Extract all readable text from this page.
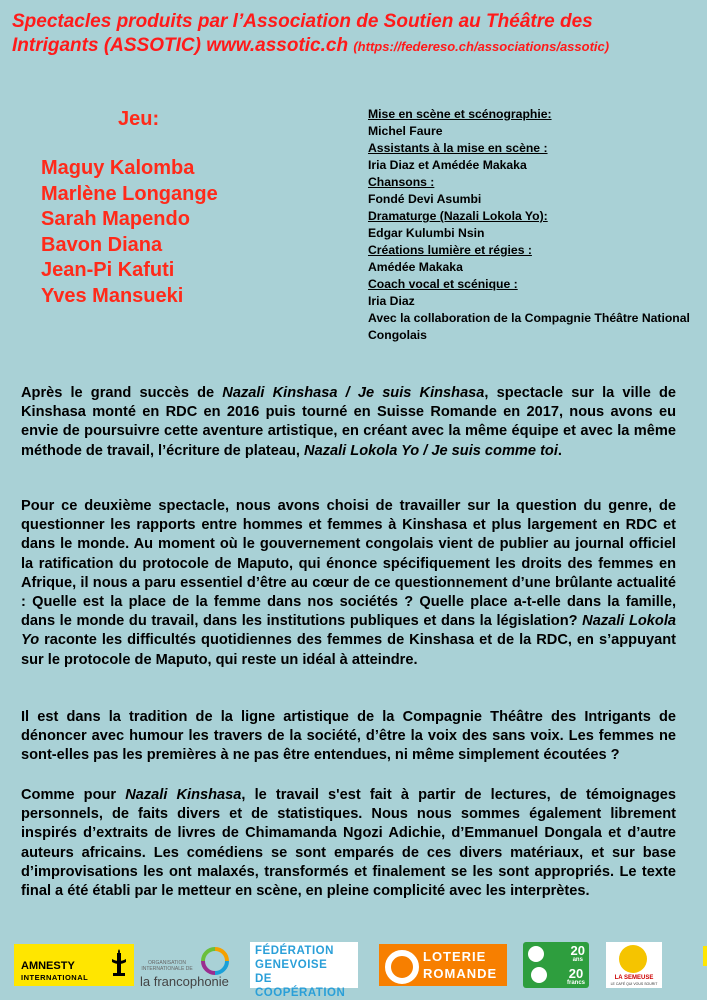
Spectacles produits par l’Association de Soutien au Théâtre des
Intrigants (ASSOTIC) www.assotic.ch (https://federeso.ch/associations/assotic)
Jeu:
Maguy Kalomba
Marlène Longange
Sarah Mapendo
Bavon Diana
Jean-Pi Kafuti
Yves Mansueki
Mise en scène et scénographie:
Michel Faure
Assistants à la mise en scène :
Iria Diaz et Amédée Makaka
Chansons :
Fondé Devi Asumbi
Dramaturge (Nazali Lokola Yo):
Edgar Kulumbi Nsin
Créations lumière et régies :
Amédée Makaka
Coach vocal et scénique :
Iria Diaz
Avec la collaboration de la Compagnie Théâtre National Congolais

Après le grand succès de Nazali Kinshasa / Je suis Kinshasa, spectacle sur la ville de Kinshasa monté en RDC en 2016 puis tourné en Suisse Romande en 2017, nous avons eu envie de poursuivre cette aventure artistique, en créant avec la même équipe et avec la même méthode de travail, l’écriture de plateau, Nazali Lokola Yo / Je suis comme toi.

Pour ce deuxième spectacle, nous avons choisi de travailler sur la question du genre, de questionner les rapports entre hommes et femmes à Kinshasa et plus largement en RDC et dans le monde. Au moment où le gouvernement congolais vient de publier au journal officiel la ratification du protocole de Maputo, qui énonce spécifiquement les droits des femmes en Afrique, il nous a paru essentiel d’être au cœur de ce questionnement d’une brûlante actualité : Quelle est la place de la femme dans nos sociétés ? Quelle place a-t-elle dans la famille, dans le monde du travail, dans les institutions publiques et dans la législation? Nazali Lokola Yo raconte les difficultés quotidiennes des femmes de Kinshasa et de la RDC, en s’appuyant sur le protocole de Maputo, qui reste un idéal à atteindre.

Il est dans la tradition de la ligne artistique de la Compagnie Théâtre des Intrigants de dénoncer avec humour les travers de la société, d’être la voix des sans voix. Les femmes ne sont-elles pas les premières à ne pas être entendues, ni même simplement écoutées ?

Comme pour Nazali Kinshasa, le travail s'est fait à partir de lectures, de témoignages personnels, de faits divers et de statistiques. Nous nous sommes également librement inspirés d’extraits de livres de Chimamanda Ngozi Adichie, d’Emmanuel Dongala et d’autre auteurs africains. Les comédiens se sont emparés de ces divers matériaux, et sur base d’improvisations les ont malaxés, transformés et finalement se les sont appropriés. Le texte final a été établi par le metteur en scène, en pleine complicité avec les interprètes.

AMNESTY
INTERNATIONAL
ORGANISATION INTERNATIONALE DE
la francophonie
FÉDÉRATION
GENEVOISE
DE COOPÉRATION
LOTERIE
ROMANDE
20
ans
20
francs
LA SEMEUSE
LE CAFÉ QUI VOUS SOURIT
